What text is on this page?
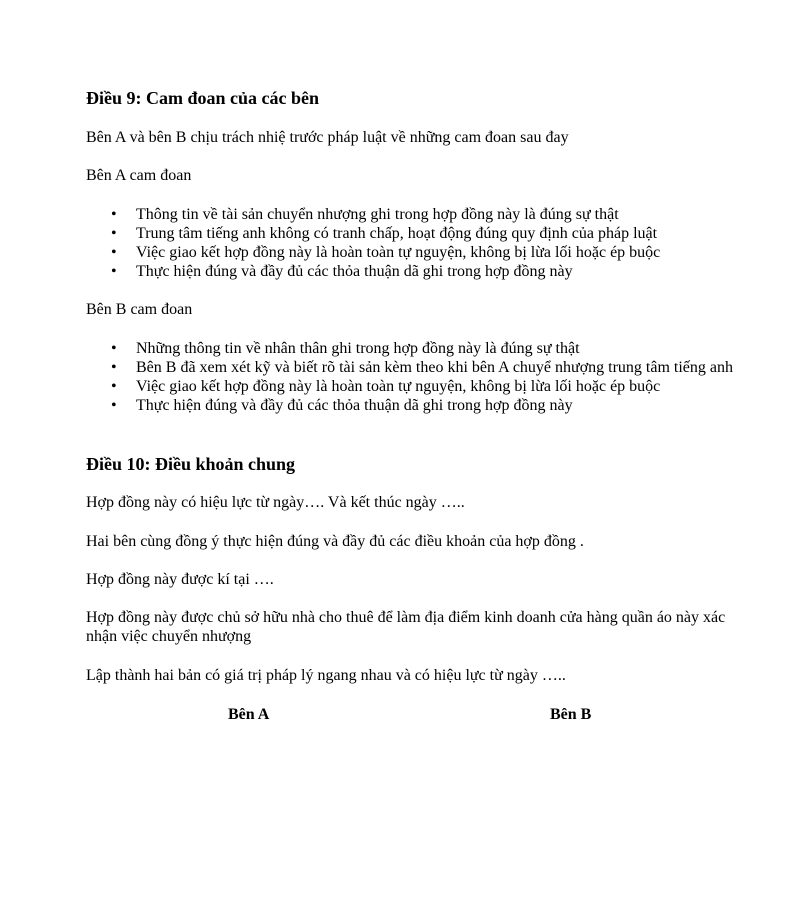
Điều 9: Cam đoan của các bên
Bên A và bên B chịu trách nhiệ trước pháp luật về những cam đoan sau đay
Bên A cam đoan
• Thông tin về tài sản chuyển nhượng ghi trong hợp đồng này là đúng sự thật
• Trung tâm tiếng anh không có tranh chấp, hoạt động đúng quy định của pháp luật
• Việc giao kết hợp đồng này là hoàn toàn tự nguyện, không bị lừa lối hoặc ép buộc
• Thực hiện đúng và đầy đủ các thỏa thuận dã ghi trong hợp đồng này
Bên B cam đoan
• Những thông tin về nhân thân ghi trong hợp đồng này là đúng sự thật
• Bên B đã xem xét kỹ và biết rõ tài sản kèm theo khi bên A chuyể nhượng trung tâm tiếng anh
• Việc giao kết hợp đồng này là hoàn toàn tự nguyện, không bị lừa lối hoặc ép buộc
• Thực hiện đúng và đầy đủ các thỏa thuận dã ghi trong hợp đồng này
Điều 10: Điều khoản chung
Hợp đồng này có hiệu lực từ ngày…. Và kết thúc ngày …..
Hai bên cùng đồng ý thực hiện đúng và đầy đủ các điều khoản của hợp đồng .
Hợp đồng này được kí tại ….
Hợp đồng này được chủ sở hữu nhà cho thuê để làm địa điểm kinh doanh cửa hàng quần áo này xác nhận việc chuyển nhượng
Lập thành hai bản có giá trị pháp lý ngang nhau và có hiệu lực từ ngày …..
Bên A	Bên B
